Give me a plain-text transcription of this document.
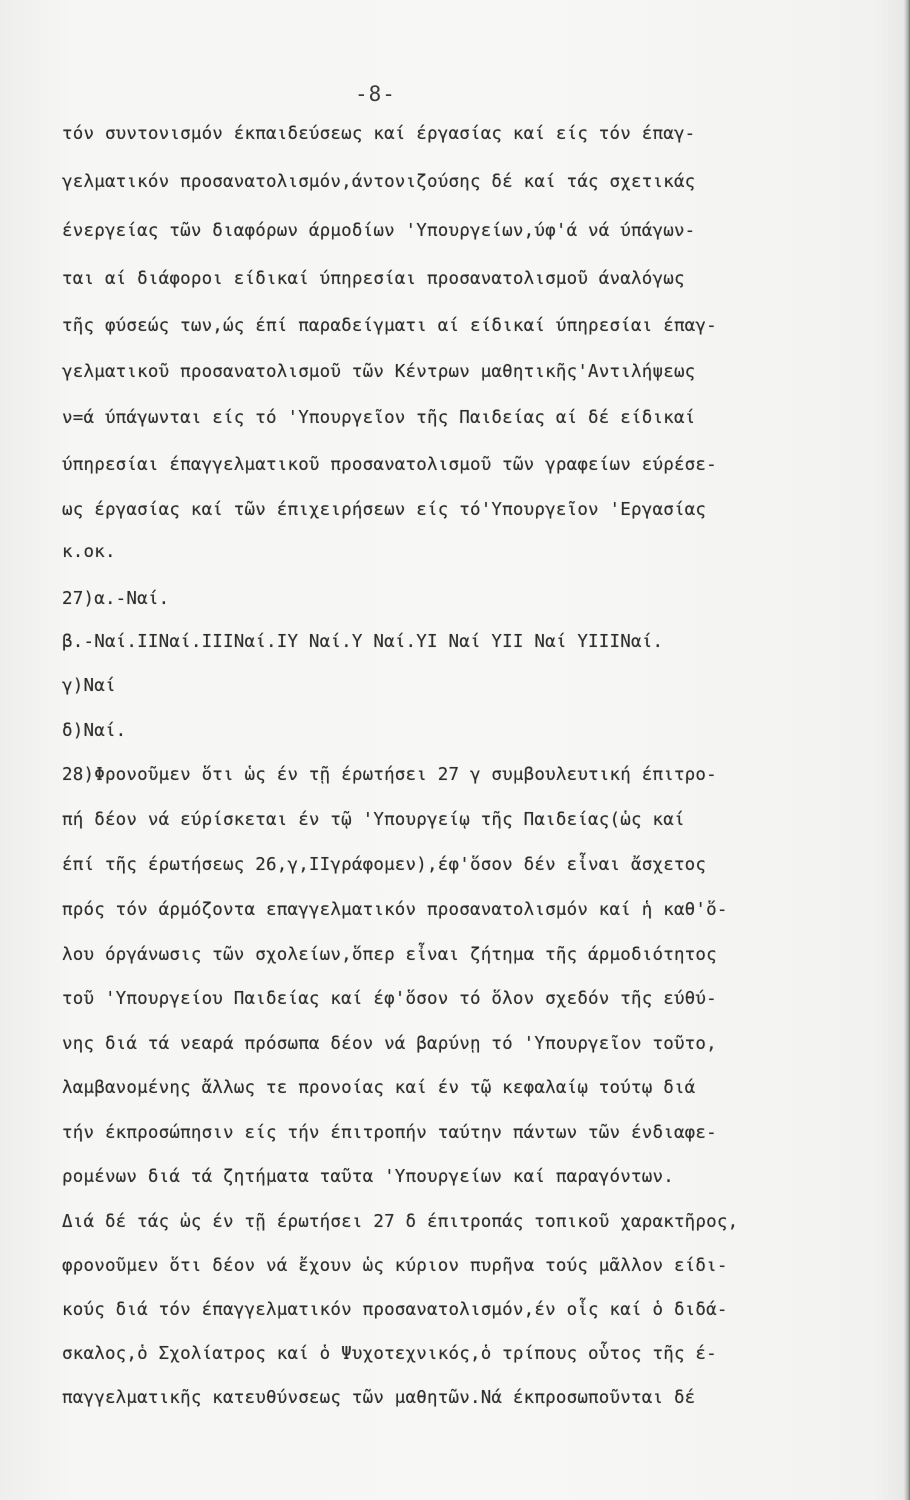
-8-
τόν συντονισμόν έκπαιδεύσεως καί έργασίας καί είς τόν έπαγ-
γελματικόν προσανατολισμόν,άντονιζούσης δέ καί τάς σχετικάς
ένεργείας τῶν διαφόρων άρμοδίων 'Υπουργείων,ύφ'ά νά ύπάγων-
ται αί διάφοροι είδικαί ύπηρεσίαι προσανατολισμοῦ άναλόγως
τῆς φύσεώς των,ώς έπί παραδείγματι αί είδικαί ύπηρεσίαι έπαγ-
γελματικοῦ προσανατολισμοῦ τῶν Κέντρων μαθητικῆς'Αντιλήψεως
ν=ά ύπάγωνται είς τό 'Υπουργεῖον τῆς Παιδείας αί δέ είδικαί
ύπηρεσίαι έπαγγελματικοῦ προσανατολισμοῦ τῶν γραφείων εύρέσε-
ως έργασίας καί τῶν έπιχειρήσεων είς τό'Υπουργεῖον 'Εργασίας
κ.οκ.
27)α.-Ναί.
β.-Ναί.IIΝαί.IIIΝαί.IY Ναί.Y Ναί.YI Ναί YII Ναί YIIIΝαί.
γ)Ναί
δ)Ναί.
28)Φρονοῦμεν ὅτι ὡς έν τῇ έρωτήσει 27 γ συμβουλευτική έπιτρο-
πή δέον νά εύρίσκεται έν τῷ 'Υπουργείῳ τῆς Παιδείας(ὡς καί
έπί τῆς έρωτήσεως 26,γ,IIγράφομεν),έφ'ὅσον δέν εἶναι ἄσχετος
πρός τόν άρμόζοντα επαγγελματικόν προσανατολισμόν καί ἡ καθ'ὅ-
λου όργάνωσις τῶν σχολείων,ὅπερ εἶναι ζήτημα τῆς άρμοδιότητος
τοῦ 'Υπουργείου Παιδείας καί έφ'ὅσον τό ὅλον σχεδόν τῆς εύθύ-
νης διά τά νεαρά πρόσωπα δέον νά βαρύνῃ τό 'Υπουργεῖον τοῦτο,
λαμβανομένης ἄλλως τε προνοίας καί έν τῷ κεφαλαίῳ τούτῳ διά
τήν έκπροσώπησιν είς τήν έπιτροπήν ταύτην πάντων τῶν ένδιαφε-
ρομένων διά τά ζητήματα ταῦτα 'Υπουργείων καί παραγόντων.
Διά δέ τάς ὡς έν τῇ έρωτήσει 27 δ έπιτροπάς τοπικοῦ χαρακτῆρος,
φρονοῦμεν ὅτι δέον νά ἔχουν ὡς κύριον πυρῆνα τούς μᾶλλον είδι-
κούς διά τόν έπαγγελματικόν προσανατολισμόν,έν οἷς καί ὁ διδά-
σκαλος,ὁ Σχολίατρος καί ὁ Ψυχοτεχνικός,ὁ τρίπους οὗτος τῆς έ-
παγγελματικῆς κατευθύνσεως τῶν μαθητῶν.Νά έκπροσωποῦνται δέ
